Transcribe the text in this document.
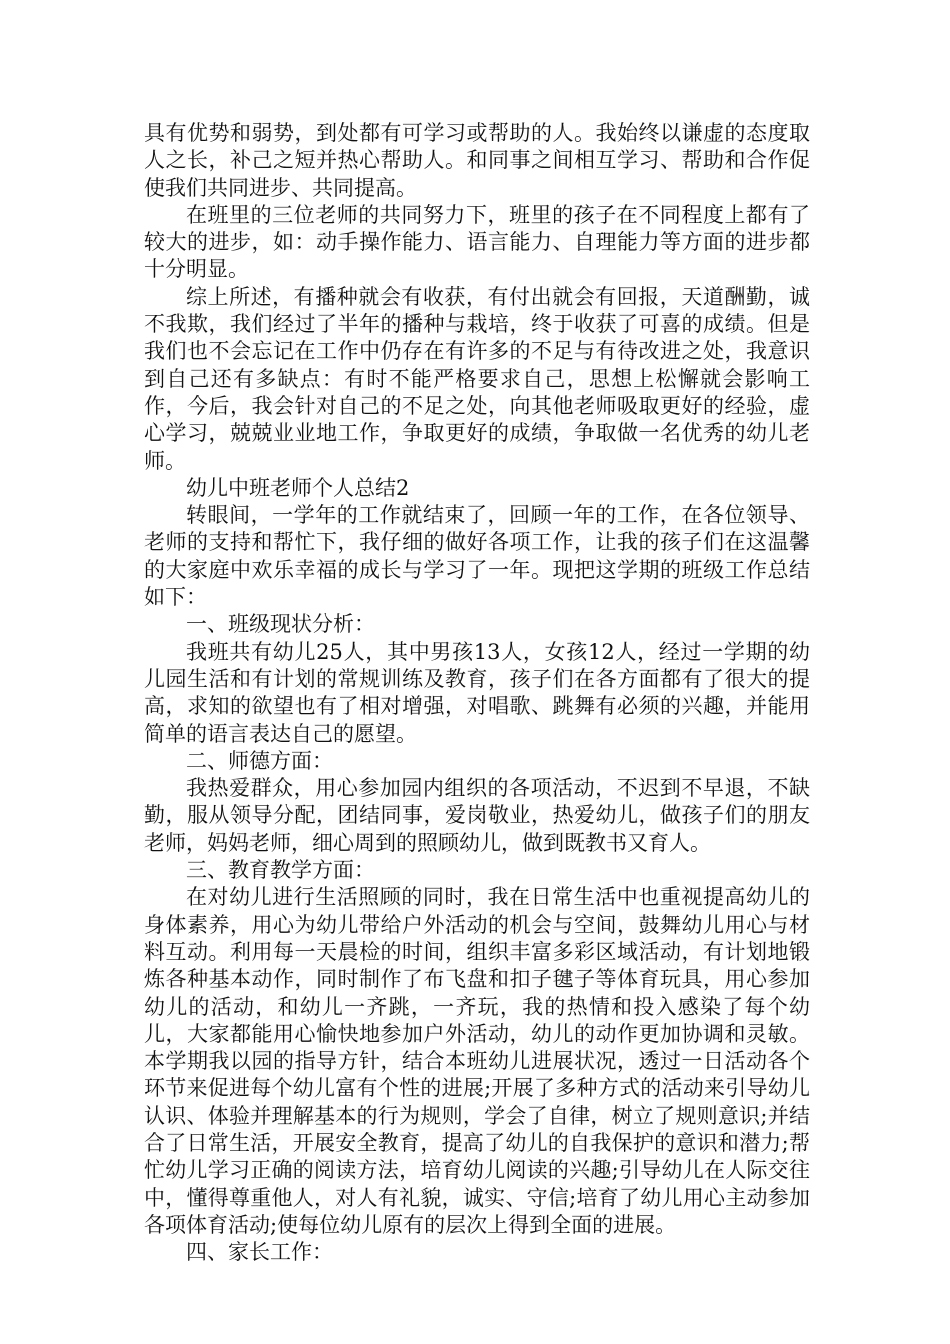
具有优势和弱势，到处都有可学习或帮助的人。我始终以谦虚的态度取人之长，补己之短并热心帮助人。和同事之间相互学习、帮助和合作促使我们共同进步、共同提高。

在班里的三位老师的共同努力下，班里的孩子在不同程度上都有了较大的进步，如：动手操作能力、语言能力、自理能力等方面的进步都十分明显。

综上所述，有播种就会有收获，有付出就会有回报，天道酬勤，诚不我欺，我们经过了半年的播种与栽培，终于收获了可喜的成绩。但是我们也不会忘记在工作中仍存在有许多的不足与有待改进之处，我意识到自己还有多缺点：有时不能严格要求自己，思想上松懈就会影响工作，今后，我会针对自己的不足之处，向其他老师吸取更好的经验，虚心学习，兢兢业业地工作，争取更好的成绩，争取做一名优秀的幼儿老师。

幼儿中班老师个人总结2

转眼间，一学年的工作就结束了，回顾一年的工作，在各位领导、老师的支持和帮忙下，我仔细的做好各项工作，让我的孩子们在这温馨的大家庭中欢乐幸福的成长与学习了一年。现把这学期的班级工作总结如下：

一、班级现状分析：

我班共有幼儿25人，其中男孩13人，女孩12人，经过一学期的幼儿园生活和有计划的常规训练及教育，孩子们在各方面都有了很大的提高，求知的欲望也有了相对增强，对唱歌、跳舞有必须的兴趣，并能用简单的语言表达自己的愿望。

二、师德方面：

我热爱群众，用心参加园内组织的各项活动，不迟到不早退，不缺勤，服从领导分配，团结同事，爱岗敬业，热爱幼儿，做孩子们的朋友老师，妈妈老师，细心周到的照顾幼儿，做到既教书又育人。

三、教育教学方面：

在对幼儿进行生活照顾的同时，我在日常生活中也重视提高幼儿的身体素养，用心为幼儿带给户外活动的机会与空间，鼓舞幼儿用心与材料互动。利用每一天晨检的时间，组织丰富多彩区域活动，有计划地锻炼各种基本动作，同时制作了布飞盘和扣子毽子等体育玩具，用心参加幼儿的活动，和幼儿一齐跳，一齐玩，我的热情和投入感染了每个幼儿，大家都能用心愉快地参加户外活动，幼儿的动作更加协调和灵敏。本学期我以园的指导方针，结合本班幼儿进展状况，透过一日活动各个环节来促进每个幼儿富有个性的进展;开展了多种方式的活动来引导幼儿认识、体验并理解基本的行为规则，学会了自律，树立了规则意识;并结合了日常生活，开展安全教育，提高了幼儿的自我保护的意识和潜力;帮忙幼儿学习正确的阅读方法，培育幼儿阅读的兴趣;引导幼儿在人际交往中，懂得尊重他人，对人有礼貌，诚实、守信;培育了幼儿用心主动参加各项体育活动;使每位幼儿原有的层次上得到全面的进展。

四、家长工作：
